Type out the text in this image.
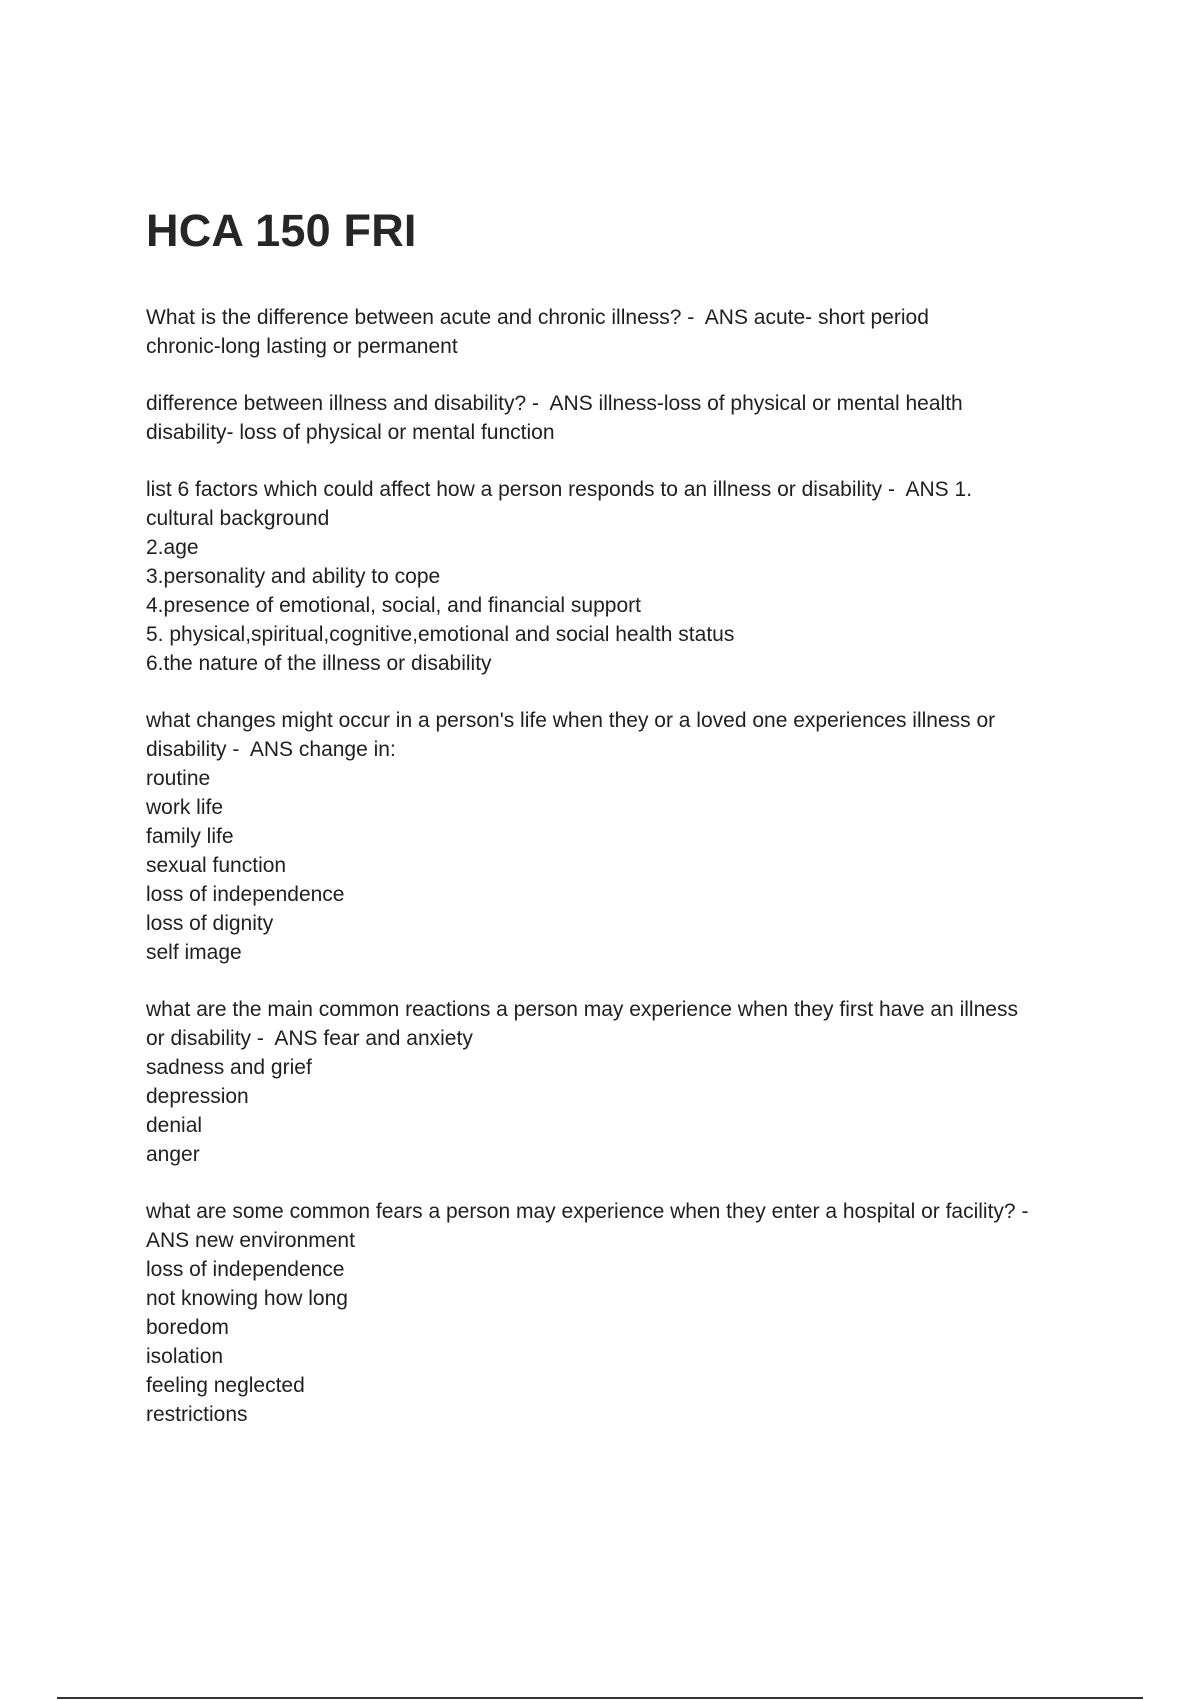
HCA 150 FRI

What is the difference between acute and chronic illness? -  ANS acute- short period

chronic-long lasting or permanent

difference between illness and disability? -  ANS illness-loss of physical or mental health

disability- loss of physical or mental function

list 6 factors which could affect how a person responds to an illness or disability -  ANS 1.

cultural background

2.age

3.personality and ability to cope

4.presence of emotional, social, and financial support

5. physical,spiritual,cognitive,emotional and social health status

6.the nature of the illness or disability

what changes might occur in a person's life when they or a loved one experiences illness or

disability -  ANS change in:

routine

work life

family life

sexual function

loss of independence

loss of dignity

self image

what are the main common reactions a person may experience when they first have an illness

or disability -  ANS fear and anxiety

sadness and grief

depression

denial

anger

what are some common fears a person may experience when they enter a hospital or facility? -

ANS new environment

loss of independence

not knowing how long

boredom

isolation

feeling neglected

restrictions
